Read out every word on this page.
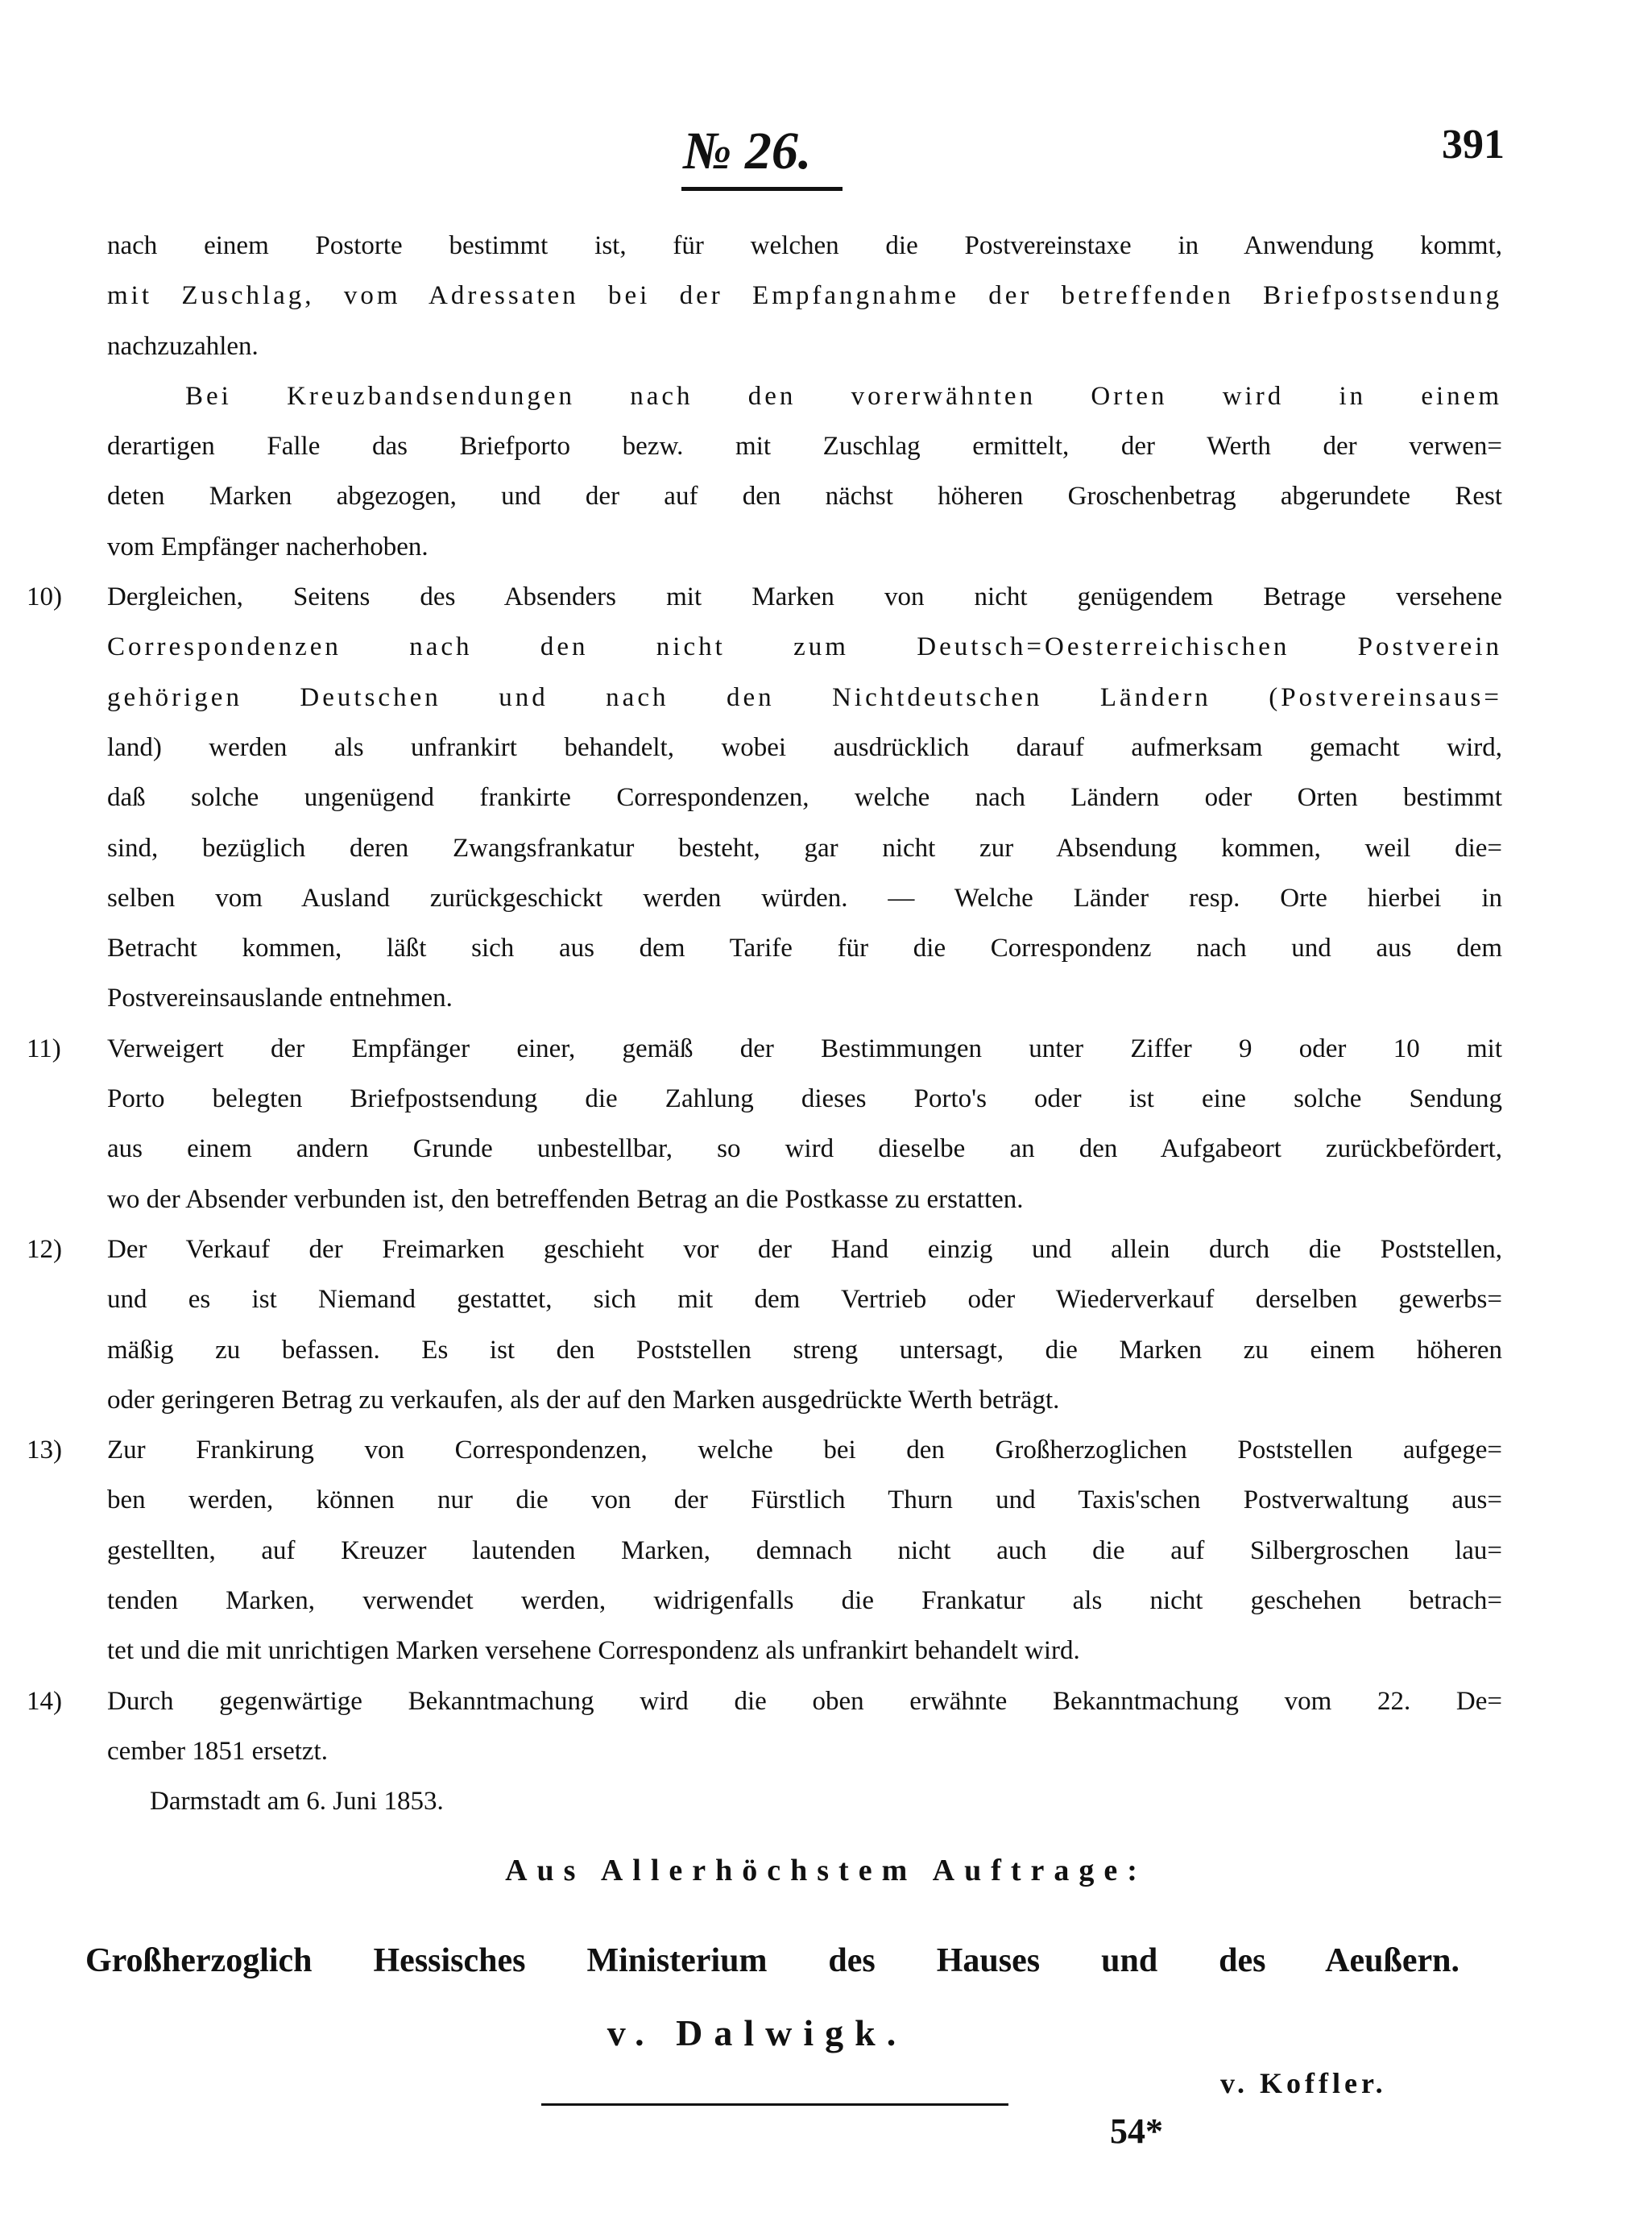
№ 26.	391
nach einem Postorte bestimmt ist, für welchen die Postvereinstaxe in Anwendung kommt,
mit Zuschlag, vom Adressaten bei der Empfangnahme der betreffenden Briefpostsendung
nachzuzahlen.
Bei Kreuzbandsendungen nach den vorerwähnten Orten wird in einem
derartigen Falle das Briefporto bezw. mit Zuschlag ermittelt, der Werth der verwen=
deten Marken abgezogen, und der auf den nächst höheren Groschenbetrag abgerundete Rest
vom Empfänger nacherhoben.
10) Dergleichen, Seitens des Absenders mit Marken von nicht genügendem Betrage versehene
Correspondenzen nach den nicht zum Deutsch=Oesterreichischen Postverein
gehörigen Deutschen und nach den Nichtdeutschen Ländern (Postvereinsaus=
land) werden als unfrankirt behandelt, wobei ausdrücklich darauf aufmerksam gemacht wird,
daß solche ungenügend frankirte Correspondenzen, welche nach Ländern oder Orten bestimmt
sind, bezüglich deren Zwangsfrankatur besteht, gar nicht zur Absendung kommen, weil die=
selben vom Ausland zurückgeschickt werden würden. — Welche Länder resp. Orte hierbei in
Betracht kommen, läßt sich aus dem Tarife für die Correspondenz nach und aus dem
Postvereinsauslande entnehmen.
11) Verweigert der Empfänger einer, gemäß der Bestimmungen unter Ziffer 9 oder 10 mit
Porto belegten Briefpostsendung die Zahlung dieses Porto's oder ist eine solche Sendung
aus einem andern Grunde unbestellbar, so wird dieselbe an den Aufgabeort zurückbefördert,
wo der Absender verbunden ist, den betreffenden Betrag an die Postkasse zu erstatten.
12) Der Verkauf der Freimarken geschieht vor der Hand einzig und allein durch die Poststellen,
und es ist Niemand gestattet, sich mit dem Vertrieb oder Wiederverkauf derselben gewerbs=
mäßig zu befassen. Es ist den Poststellen streng untersagt, die Marken zu einem höheren
oder geringeren Betrag zu verkaufen, als der auf den Marken ausgedrückte Werth beträgt.
13) Zur Frankirung von Correspondenzen, welche bei den Großherzoglichen Poststellen aufgege=
ben werden, können nur die von der Fürstlich Thurn und Taxis'schen Postverwaltung aus=
gestellten, auf Kreuzer lautenden Marken, demnach nicht auch die auf Silbergroschen lau=
tenden Marken, verwendet werden, widrigenfalls die Frankatur als nicht geschehen betrach=
tet und die mit unrichtigen Marken versehene Correspondenz als unfrankirt behandelt wird.
14) Durch gegenwärtige Bekanntmachung wird die oben erwähnte Bekanntmachung vom 22. De=
cember 1851 ersetzt.
Darmstadt am 6. Juni 1853.
Aus Allerhöchstem Auftrage:
Großherzoglich Hessisches Ministerium des Hauses und des Aeußern.
v. Dalwigk.
v. Koffler.
54*
